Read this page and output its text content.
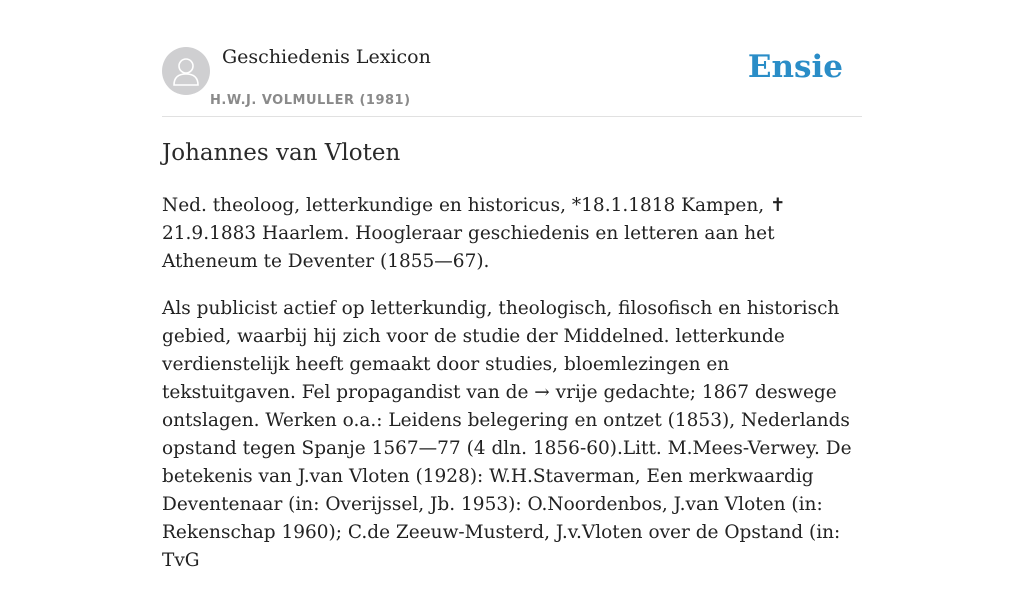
Geschiedenis Lexicon
H.W.J. VOLMULLER (1981)
Ensie
Johannes van Vloten

Ned. theoloog, letterkundige en historicus, *18.1.1818 Kampen, ✝ 21.9.1883 Haarlem. Hoogleraar geschiedenis en letteren aan het Atheneum te Deventer (1855—67).

Als publicist actief op letterkundig, theologisch, filosofisch en historisch gebied, waarbij hij zich voor de studie der Middelned. letterkunde verdienstelijk heeft gemaakt door studies, bloemlezingen en tekstuitgaven. Fel propagandist van de → vrije gedachte; 1867 deswege ontslagen. Werken o.a.: Leidens belegering en ontzet (1853), Nederlands opstand tegen Spanje 1567—77 (4 dln. 1856-60).Litt. M.Mees-Verwey. De betekenis van J.van Vloten (1928): W.H.Staverman, Een merkwaardig Deventenaar (in: Overijssel, Jb. 1953): O.Noordenbos, J.van Vloten (in: Rekenschap 1960); C.de Zeeuw-Musterd, J.v.Vloten over de Opstand (in: TvG
